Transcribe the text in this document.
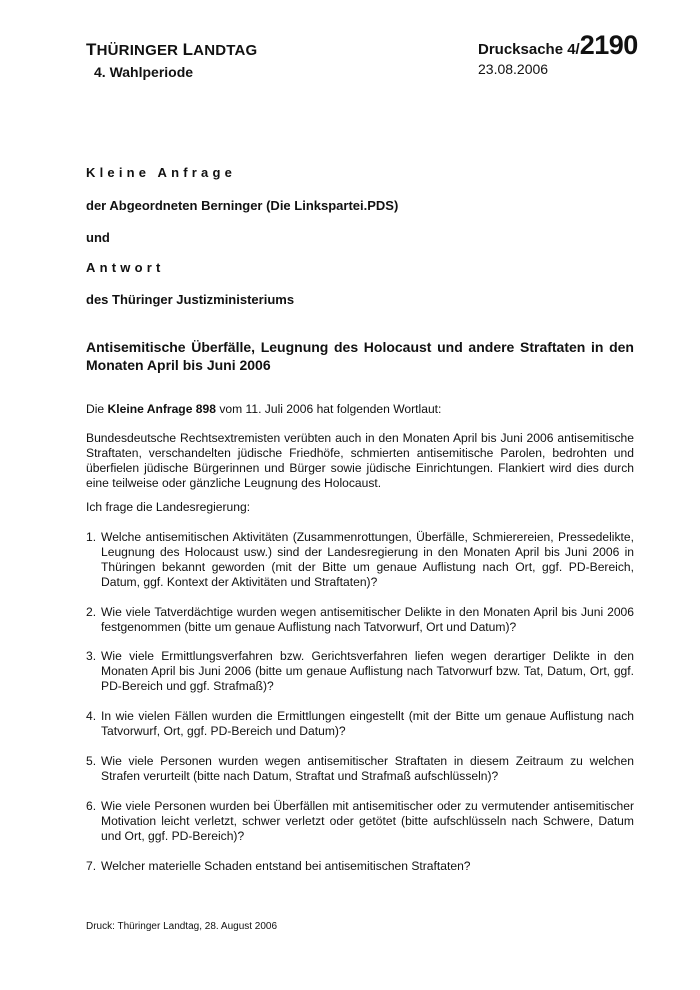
THÜRINGER LANDTAG
4. Wahlperiode
Drucksache 4/2190
23.08.2006
Kleine Anfrage
der Abgeordneten Berninger (Die Linkspartei.PDS)
und
Antwort
des Thüringer Justizministeriums
Antisemitische Überfälle, Leugnung des Holocaust und andere Straftaten in den Monaten April bis Juni 2006
Die Kleine Anfrage 898 vom 11. Juli 2006 hat folgenden Wortlaut:
Bundesdeutsche Rechtsextremisten verübten auch in den Monaten April bis Juni 2006 antisemitische Straftaten, verschandelten jüdische Friedhöfe, schmierten antisemitische Parolen, bedrohten und überfielen jüdische Bürgerinnen und Bürger sowie jüdische Einrichtungen. Flankiert wird dies durch eine teilweise oder gänzliche Leugnung des Holocaust.
Ich frage die Landesregierung:
1. Welche antisemitischen Aktivitäten (Zusammenrottungen, Überfälle, Schmierereien, Pressedelikte, Leugnung des Holocaust usw.) sind der Landesregierung in den Monaten April bis Juni 2006 in Thüringen bekannt geworden (mit der Bitte um genaue Auflistung nach Ort, ggf. PD-Bereich, Datum, ggf. Kontext der Aktivitäten und Straftaten)?
2. Wie viele Tatverdächtige wurden wegen antisemitischer Delikte in den Monaten April bis Juni 2006 festgenommen (bitte um genaue Auflistung nach Tatvorwurf, Ort und Datum)?
3. Wie viele Ermittlungsverfahren bzw. Gerichtsverfahren liefen wegen derartiger Delikte in den Monaten April bis Juni 2006 (bitte um genaue Auflistung nach Tatvorwurf bzw. Tat, Datum, Ort, ggf. PD-Bereich und ggf. Strafmaß)?
4. In wie vielen Fällen wurden die Ermittlungen eingestellt (mit der Bitte um genaue Auflistung nach Tatvorwurf, Ort, ggf. PD-Bereich und Datum)?
5. Wie viele Personen wurden wegen antisemitischer Straftaten in diesem Zeitraum zu welchen Strafen verurteilt (bitte nach Datum, Straftat und Strafmaß aufschlüsseln)?
6. Wie viele Personen wurden bei Überfällen mit antisemitischer oder zu vermutender antisemitischer Motivation leicht verletzt, schwer verletzt oder getötet (bitte aufschlüsseln nach Schwere, Datum und Ort, ggf. PD-Bereich)?
7. Welcher materielle Schaden entstand bei antisemitischen Straftaten?
Druck: Thüringer Landtag, 28. August 2006
